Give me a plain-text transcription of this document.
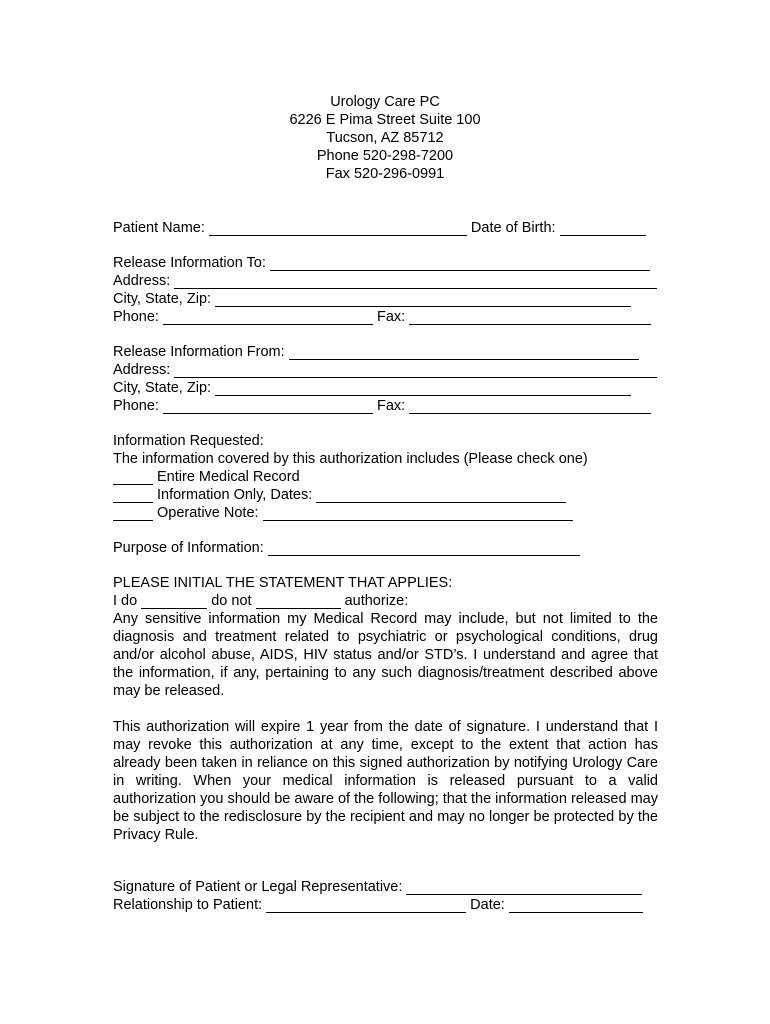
Urology Care PC
6226 E Pima Street Suite 100
Tucson, AZ 85712
Phone 520-298-7200
Fax 520-296-0991
Patient Name:
	Date of Birth:

Release Information To:

Address:

City, State, Zip:

Phone:
	Fax:

Release Information From:

Address:

City, State, Zip:

Phone:
	Fax:

Information Requested:
The information covered by this authorization includes (Please check one)
Entire Medical Record
Information Only, Dates:

Operative Note:

Purpose of Information:

PLEASE INITIAL THE STATEMENT THAT APPLIES:
I do
	do not
	authorize:

Any sensitive information my Medical Record may include, but not limited to the diagnosis and treatment related to psychiatric or psychological conditions, drug and/or alcohol abuse, AIDS, HIV status and/or STD’s. I understand and agree that the information, if any, pertaining to any such diagnosis/treatment described above may be released.

This authorization will expire 1 year from the date of signature. I understand that I may revoke this authorization at any time, except to the extent that action has already been taken in reliance on this signed authorization by notifying Urology Care in writing. When your medical information is released pursuant to a valid authorization you should be aware of the following; that the information released may be subject to the redisclosure by the recipient and may no longer be protected by the Privacy Rule.

Signature of Patient or Legal Representative:

Relationship to Patient:
	Date:
